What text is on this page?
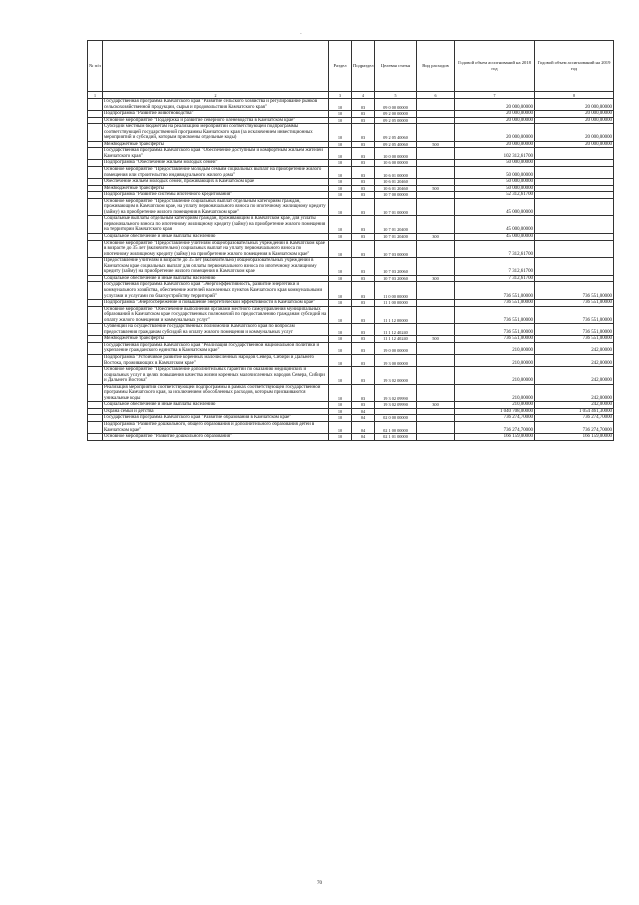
-
№ п/п		Раздел	Подраздел	Целевая статья	Вид расходов	Годовой объем ассигнований на 2018 год	Годовой объем ассигнований на 2019 год
1	2	3	4	5	6	7	8
	Государственная программа Камчатского края "Развитие сельского хозяйства и регулирование рынков сельскохозяйственной продукции, сырья и продовольствия Камчатского края"	10	03	09 0 00 00000		20 000,00000	20 000,00000
	Подпрограмма "Развитие животноводства"	10	03	09 2 00 00000		20 000,00000	20 000,00000
	Основное мероприятие "Поддержка и развитие северного оленеводства в Камчатском крае"	10	03	09 2 05 00000		20 000,00000	20 000,00000
	Субсидии местным бюджетам на реализацию мероприятий соответствующей подпрограммы соответствующей государственной программы Камчатского края (за исключением инвестиционных мероприятий и субсидий, которым присвоены отдельные коды)	10	03	09 2 05 40060		20 000,00000	20 000,00000
	Межбюджетные трансферты	10	03	09 2 05 40060	500	20 000,00000	20 000,00000
	Государственная программа Камчатского края "Обеспечение доступным и комфортным жильем жителей Камчатского края"	10	03	10 0 00 00000		102 312,61700	
	Подпрограмма "Обеспечение жильем молодых семей"	10	03	10 6 00 00000		50 000,00000	
	Основное мероприятие "Предоставление молодым семьям социальных выплат на приобретение жилого помещения или строительство индивидуального жилого дома"	10	03	10 6 01 00000		50 000,00000	
	Обеспечение жильем молодых семей, проживающих в Камчатском крае	10	03	10 6 01 20460		50 000,00000	
	Межбюджетные трансферты	10	03	10 6 01 20460	500	50 000,00000	
	Подпрограмма "Развитие системы ипотечного кредитования"	10	03	10 7 00 00000		52 312,61700	
	Основное мероприятие "Предоставление социальных выплат отдельным категориям граждан, проживающим в Камчатском крае, на уплату первоначального взноса по ипотечному жилищному кредиту (займу) на приобретение жилого помещения в Камчатском крае"	10	03	10 7 01 00000		45 000,00000	
	Социальные выплаты отдельным категориям граждан, проживающим в Камчатском крае, для уплаты первоначального взноса по ипотечному жилищному кредиту (займу) на приобретение жилого помещения на территории Камчатского края	10	03	10 7 01 20400		45 000,00000	
	Социальное обеспечение и иные выплаты населению	10	03	10 7 01 20400	300	45 000,00000	
	Основное мероприятие "Предоставление учителям общеобразовательных учреждений в Камчатском крае в возрасте до 35 лет (включительно) социальных выплат на уплату первоначального взноса по ипотечному жилищному кредиту (займу) на приобретение жилого помещения в Камчатском крае"	10	03	10 7 03 00000		7 312,61700	
	Предоставление учителям в возрасте до 35 лет (включительно) общеобразовательных учреждений в Камчатском крае социальных выплат для оплаты первоначального взноса по ипотечному жилищному кредиту (займу) на приобретение жилого помещения в Камчатском крае	10	03	10 7 03 20060		7 312,61700	
	Социальное обеспечение и иные выплаты населению	10	03	10 7 03 20060	300	7 312,61700	
	Государственная программа Камчатского края "Энергоэффективность, развитие энергетики и коммунального хозяйства, обеспечение жителей населенных пунктов Камчатского края коммунальными услугами и услугами по благоустройству территорий"	10	03	11 0 00 00000		736 551,00000	736 551,00000
	Подпрограмма "Энергосбережение и повышение энергетической эффективности в Камчатском крае"	10	03	11 1 00 00000		736 551,00000	736 551,00000
	Основное мероприятие "Обеспечение выполнения органами местного самоуправления муниципальных образований в Камчатском крае государственных полномочий по предоставлению гражданам субсидий на оплату жилого помещения и коммунальных услуг"	10	03	11 1 12 00000		736 551,00000	736 551,00000
	Субвенции на осуществление государственных полномочий Камчатского края по вопросам предоставления гражданам субсидий на оплату жилого помещения и коммунальных услуг	10	03	11 1 12 40240		736 551,00000	736 551,00000
	Межбюджетные трансферты	10	03	11 1 12 40240	500	736 551,00000	736 551,00000
	Государственная программа Камчатского края "Реализация государственной национальной политики и укрепление гражданского единства в Камчатском крае"	10	03	19 0 00 00000		210,00000	242,00000
	Подпрограмма "Устойчивое развитие коренных малочисленных народов Севера, Сибири и Дальнего Востока, проживающих в Камчатском крае"	10	03	19 3 00 00000		210,00000	242,00000
	Основное мероприятие "Предоставление дополнительных гарантий по оказанию медицинских и социальных услуг в целях повышения качества жизни коренных малочисленных народов Севера, Сибири и Дальнего Востока"	10	03	19 3 02 00000		210,00000	242,00000
	Реализация мероприятий соответствующей подпрограммы в рамках соответствующей государственной программы Камчатского края, за исключением обособленных расходов, которым присваиваются уникальные коды	10	03	19 3 02 09990		210,00000	242,00000
	Социальное обеспечение и иные выплаты населению	10	03	19 3 02 09990	300	210,00000	242,00000
	Охрана семьи и детства	10	04			1 040 708,00000	1 054 461,30000
	Государственная программа Камчатского края "Развитие образования в Камчатском крае"	10	04	02 0 00 00000		736 274,70000	736 274,70000
	Подпрограмма "Развитие дошкольного, общего образования и дополнительного образования детей в Камчатском крае"	10	04	02 1 00 00000		736 274,70000	736 274,70000
	Основное мероприятие "Развитие дошкольного образования"	10	04	02 1 01 00000		166 159,00000	166 159,00000
70
